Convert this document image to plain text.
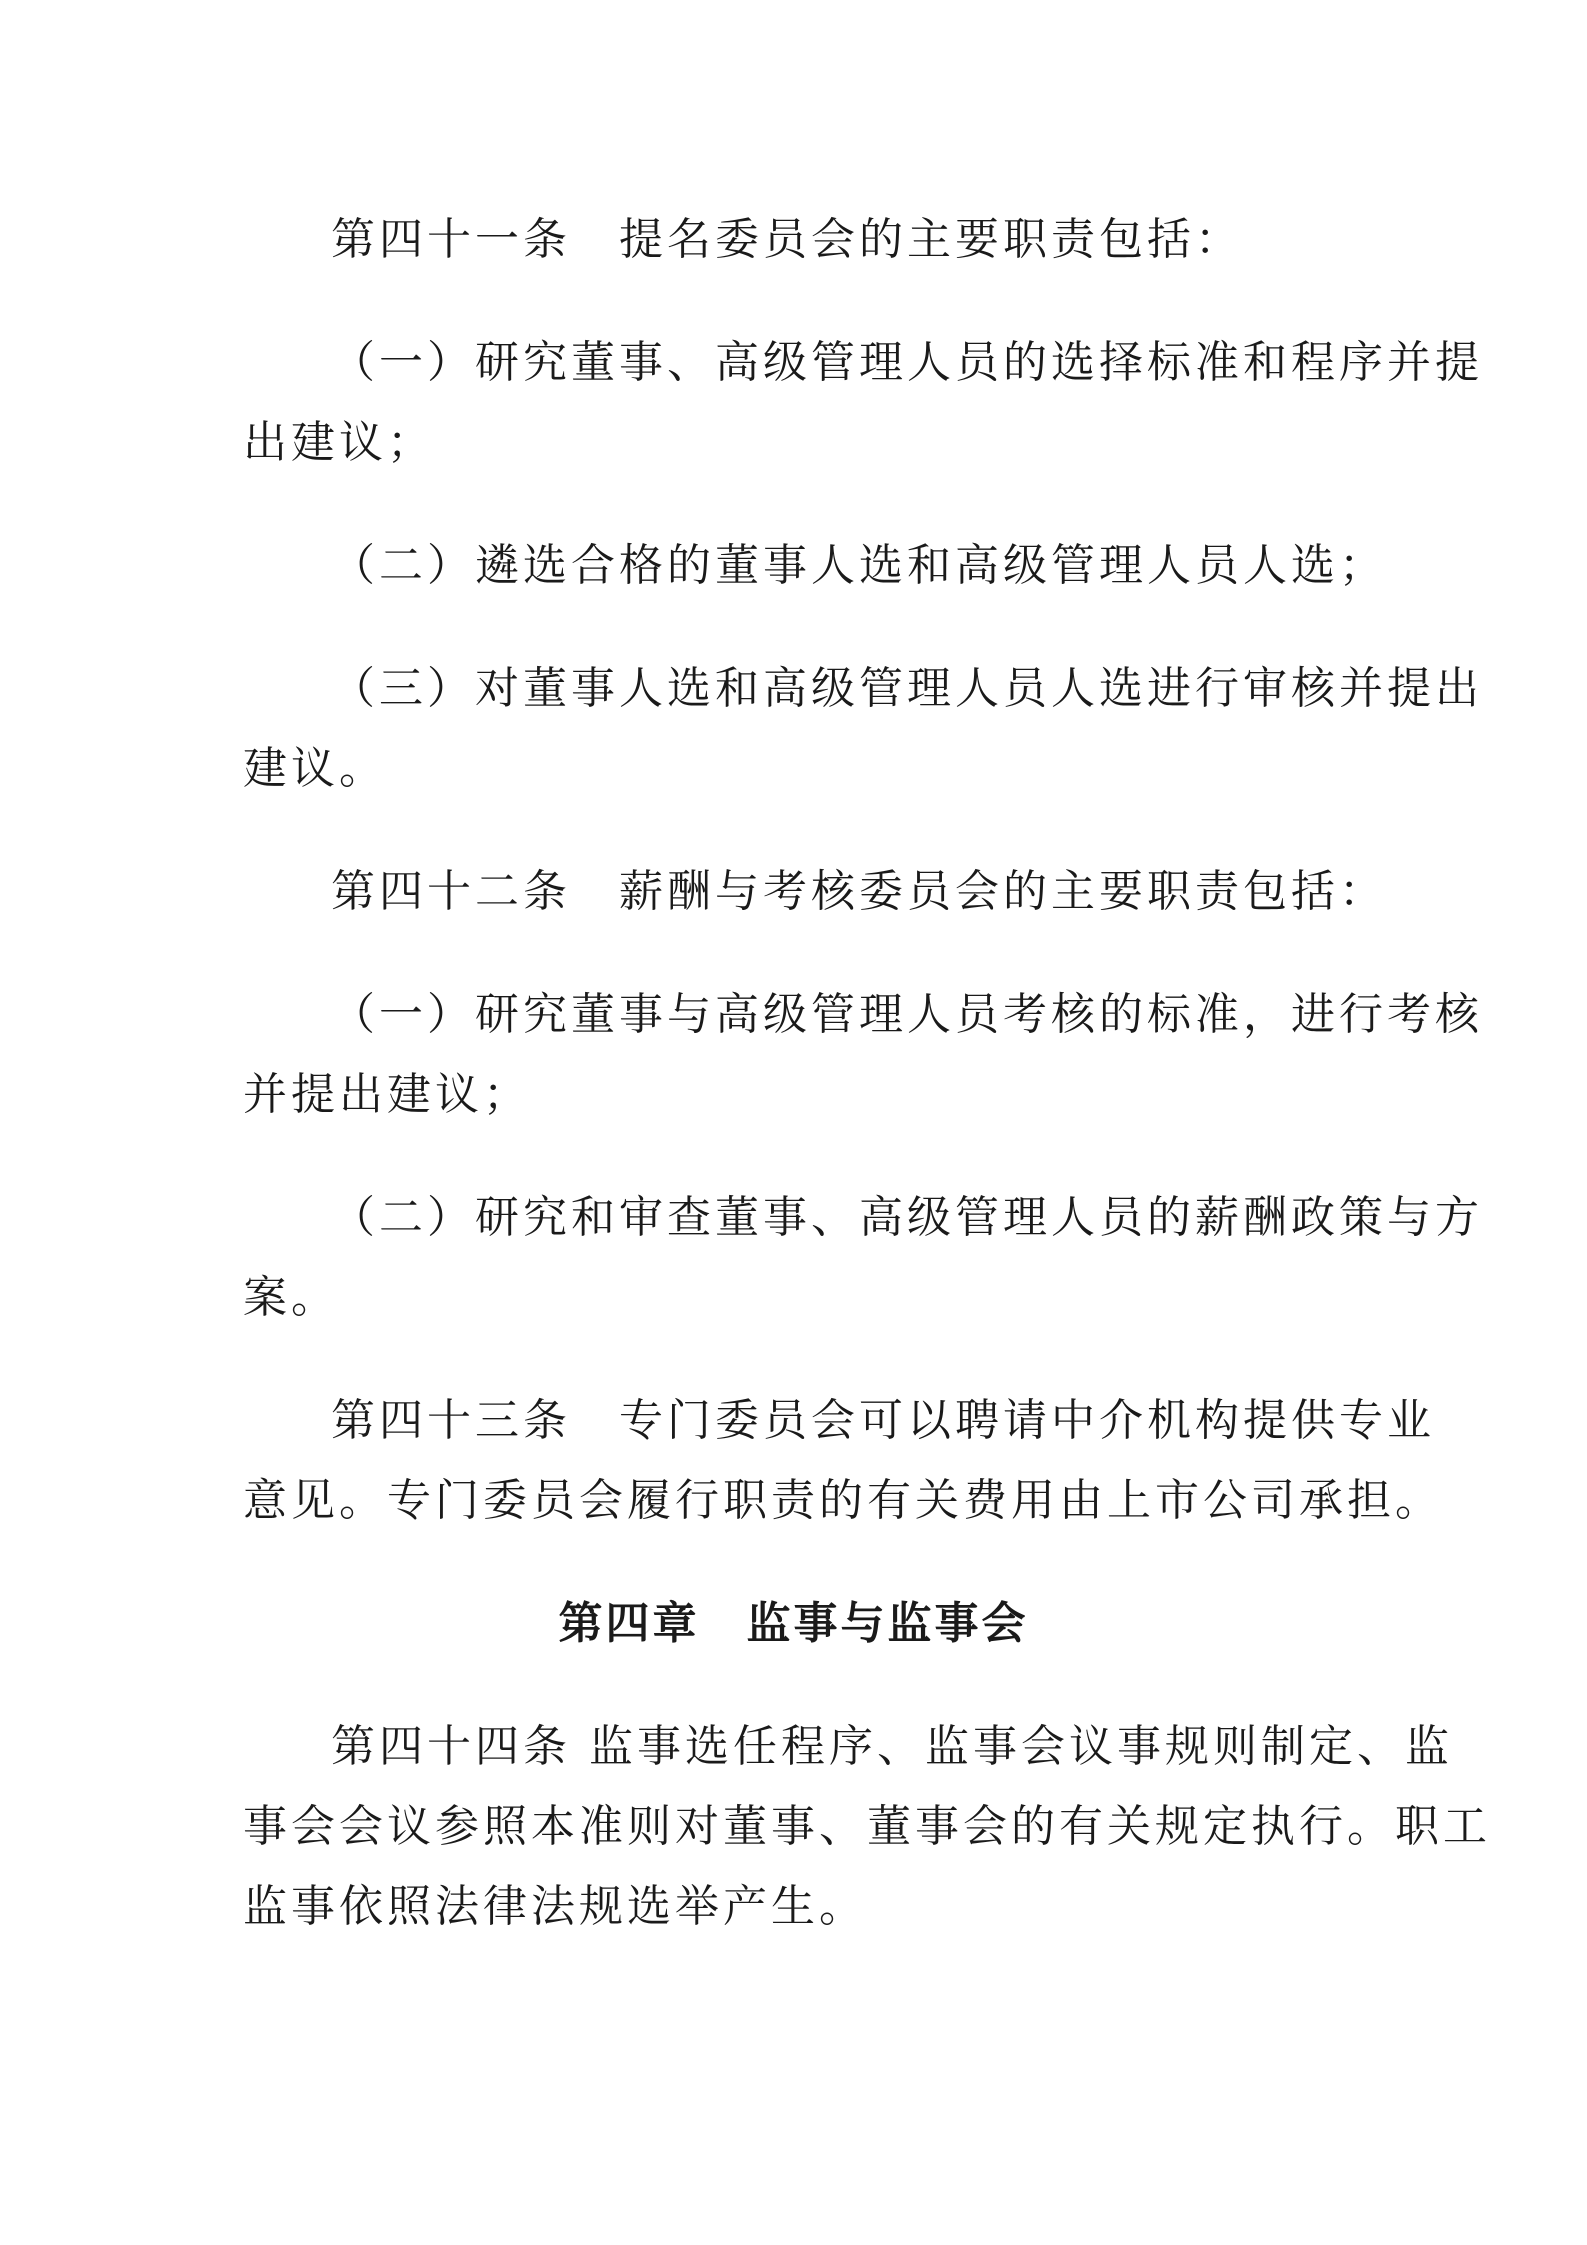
第四十一条　提名委员会的主要职责包括：

（一）研究董事、高级管理人员的选择标准和程序并提
出建议；

（二）遴选合格的董事人选和高级管理人员人选；

（三）对董事人选和高级管理人员人选进行审核并提出
建议。

第四十二条　薪酬与考核委员会的主要职责包括：

（一）研究董事与高级管理人员考核的标准，进行考核
并提出建议；

（二）研究和审查董事、高级管理人员的薪酬政策与方
案。

第四十三条　专门委员会可以聘请中介机构提供专业
意见。专门委员会履行职责的有关费用由上市公司承担。

第四章　监事与监事会

第四十四条 监事选任程序、监事会议事规则制定、监
事会会议参照本准则对董事、董事会的有关规定执行。职工
监事依照法律法规选举产生。
